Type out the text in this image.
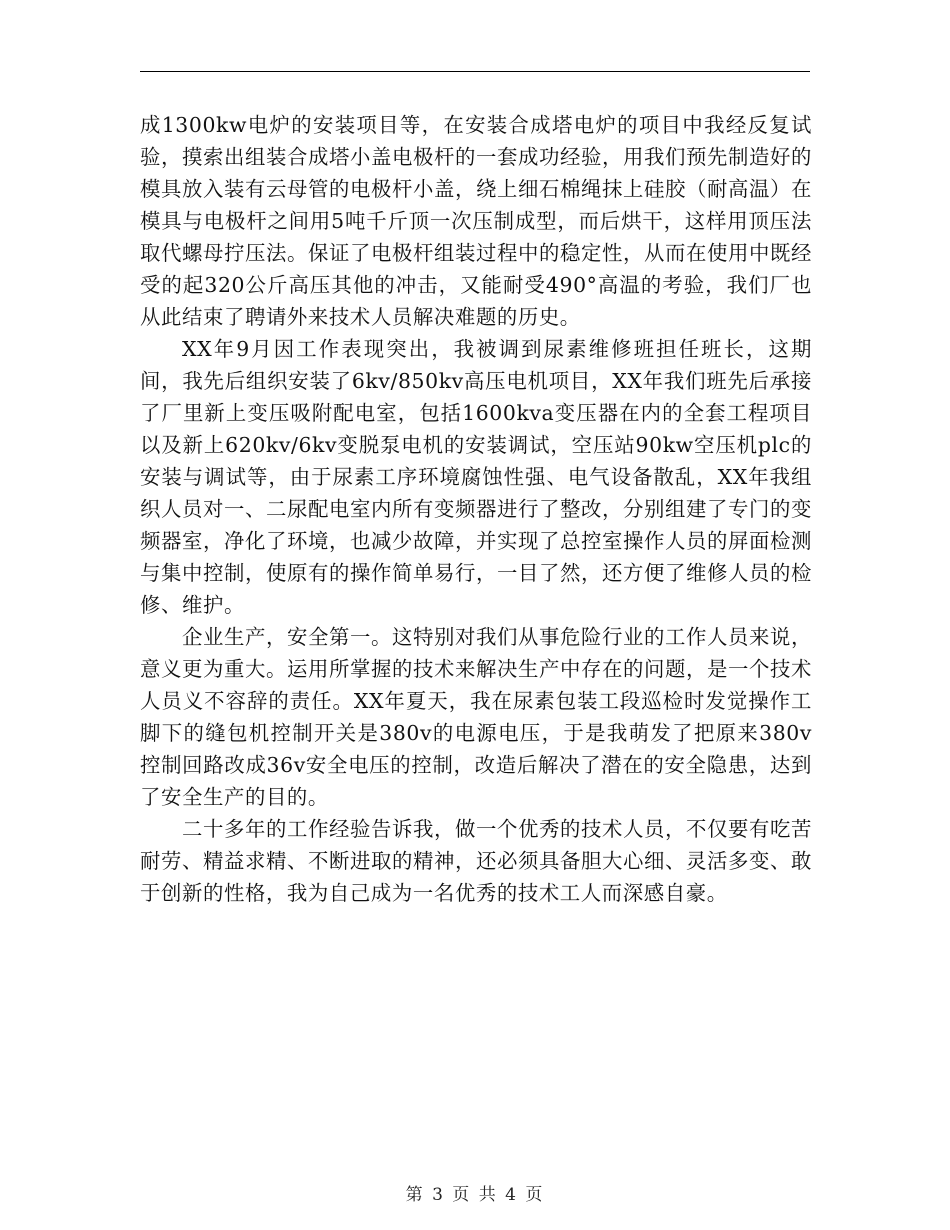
成1300kw电炉的安装项目等，在安装合成塔电炉的项目中我经反复试验，摸索出组装合成塔小盖电极杆的一套成功经验，用我们预先制造好的模具放入装有云母管的电极杆小盖，绕上细石棉绳抹上硅胶（耐高温）在模具与电极杆之间用5吨千斤顶一次压制成型，而后烘干，这样用顶压法取代螺母拧压法。保证了电极杆组装过程中的稳定性，从而在使用中既经受的起320公斤高压其他的冲击，又能耐受490°高温的考验，我们厂也从此结束了聘请外来技术人员解决难题的历史。

XX年9月因工作表现突出，我被调到尿素维修班担任班长，这期间，我先后组织安装了6kv/850kv高压电机项目，XX年我们班先后承接了厂里新上变压吸附配电室，包括1600kva变压器在内的全套工程项目以及新上620kv/6kv变脱泵电机的安装调试，空压站90kw空压机plc的安装与调试等，由于尿素工序环境腐蚀性强、电气设备散乱，XX年我组织人员对一、二尿配电室内所有变频器进行了整改，分别组建了专门的变频器室，净化了环境，也减少故障，并实现了总控室操作人员的屏面检测与集中控制，使原有的操作简单易行，一目了然，还方便了维修人员的检修、维护。

企业生产，安全第一。这特别对我们从事危险行业的工作人员来说，意义更为重大。运用所掌握的技术来解决生产中存在的问题，是一个技术人员义不容辞的责任。XX年夏天，我在尿素包装工段巡检时发觉操作工脚下的缝包机控制开关是380v的电源电压，于是我萌发了把原来380v控制回路改成36v安全电压的控制，改造后解决了潜在的安全隐患，达到了安全生产的目的。

二十多年的工作经验告诉我，做一个优秀的技术人员，不仅要有吃苦耐劳、精益求精、不断进取的精神，还必须具备胆大心细、灵活多变、敢于创新的性格，我为自己成为一名优秀的技术工人而深感自豪。

第 3 页 共 4 页
